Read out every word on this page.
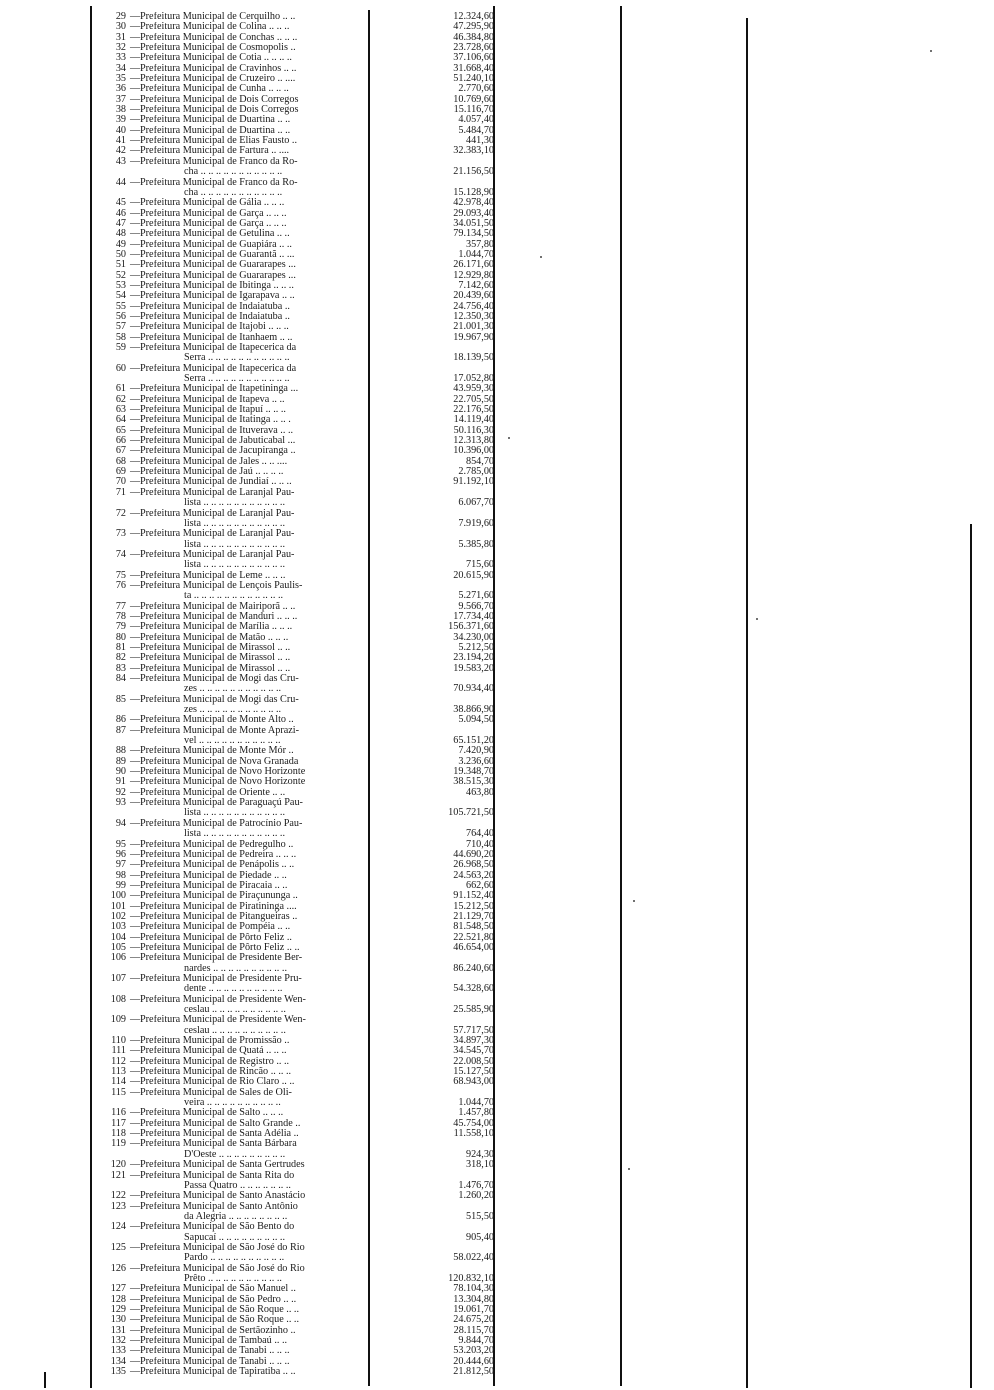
29 — Prefeitura Municipal de Cerquilho .. ..	12.324,60
30 — Prefeitura Municipal de Colina .. .. ..	47.295,90
31 — Prefeitura Municipal de Conchas .. .. ..	46.384,80
32 — Prefeitura Municipal de Cosmopolis ..	23.728,60
33 — Prefeitura Municipal de Cotia .. .. .. ..	37.106,60
34 — Prefeitura Municipal de Cravinhos .. ..	31.668,40
35 — Prefeitura Municipal de Cruzeiro .. ....	51.240,10
36 — Prefeitura Municipal de Cunha .. .. ..	2.770,60
37 — Prefeitura Municipal de Dois Corregos	10.769,60
38 — Prefeitura Municipal de Dois Corregos	15.116,70
39 — Prefeitura Municipal de Duartina .. ..	4.057,40
40 — Prefeitura Municipal de Duartina .. ..	5.484,70
41 — Prefeitura Municipal de Elias Fausto ..	441,30
42 — Prefeitura Municipal de Fartura .. ....	32.383,10
43 — Prefeitura Municipal de Franco da Ro-
cha .. .. .. .. .. .. .. .. .. .. ..	21.156,50
44 — Prefeitura Municipal de Franco da Ro-
cha .. .. .. .. .. .. .. .. .. .. ..	15.128,90
45 — Prefeitura Municipal de Gália .. .. ..	42.978,40
46 — Prefeitura Municipal de Garça .. .. ..	29.093,40
47 — Prefeitura Municipal de Garça .. .. ..	34.051,50
48 — Prefeitura Municipal de Getulina .. ..	79.134,50
49 — Prefeitura Municipal de Guapiára .. ..	357,80
50 — Prefeitura Municipal de Guarantã .. ...	1.044,70
51 — Prefeitura Municipal de Guararapes ...	26.171,60
52 — Prefeitura Municipal de Guararapes ...	12.929,80
53 — Prefeitura Municipal de Ibitinga .. .. ..	7.142,60
54 — Prefeitura Municipal de Igarapava .. ..	20.439,60
55 — Prefeitura Municipal de Indaiatuba ..	24.756,40
56 — Prefeitura Municipal de Indaiatuba ..	12.350,30
57 — Prefeitura Municipal de Itajobi .. .. ..	21.001,30
58 — Prefeitura Municipal de Itanhaem .. ..	19.967,90
59 — Prefeitura Municipal de Itapecerica da
Serra .. .. .. .. .. .. .. .. .. .. ..	18.139,50
60 — Prefeitura Municipal de Itapecerica da
Serra .. .. .. .. .. .. .. .. .. .. ..	17.052,80
61 — Prefeitura Municipal de Itapetininga ...	43.959,30
62 — Prefeitura Municipal de Itapeva .. ..	22.705,50
63 — Prefeitura Municipal de Itapuí .. .. ..	22.176,50
64 — Prefeitura Municipal de Itatinga .. .. .	14.119,40
65 — Prefeitura Municipal de Ituverava .. ..	50.116,30
66 — Prefeitura Municipal de Jabuticabal ...	12.313,80
67 — Prefeitura Municipal de Jacupiranga ..	10.396,00
68 — Prefeitura Municipal de Jales .. .. ....	854,70
69 — Prefeitura Municipal de Jaú .. .. .. ..	2.785,00
70 — Prefeitura Municipal de Jundiaí .. .. ..	91.192,10
71 — Prefeitura Municipal de Laranjal Pau-
lista .. .. .. .. .. .. .. .. .. .. ..	6.067,70
72 — Prefeitura Municipal de Laranjal Pau-
lista .. .. .. .. .. .. .. .. .. .. ..	7.919,60
73 — Prefeitura Municipal de Laranjal Pau-
lista .. .. .. .. .. .. .. .. .. .. ..	5.385,80
74 — Prefeitura Municipal de Laranjal Pau-
lista .. .. .. .. .. .. .. .. .. .. ..	715,60
75 — Prefeitura Municipal de Leme .. .. ..	20.615,90
76 — Prefeitura Municipal de Lençois Paulis-
ta .. .. .. .. .. .. .. .. .. .. .. ..	5.271,60
77 — Prefeitura Municipal de Mairiporã .. ..	9.566,70
78 — Prefeitura Municipal de Manduri .. .. ..	17.734,40
79 — Prefeitura Municipal de Marília .. .. ..	156.371,60
80 — Prefeitura Municipal de Matão .. .. ..	34.230,00
81 — Prefeitura Municipal de Mirassol .. ..	5.212,50
82 — Prefeitura Municipal de Mirassol .. ..	23.194,20
83 — Prefeitura Municipal de Mirassol .. ..	19.583,20
84 — Prefeitura Municipal de Mogi das Cru-
zes .. .. .. .. .. .. .. .. .. .. ..	70.934,40
85 — Prefeitura Municipal de Mogi das Cru-
zes .. .. .. .. .. .. .. .. .. .. ..	38.866,90
86 — Prefeitura Municipal de Monte Alto ..	5.094,50
87 — Prefeitura Municipal de Monte Aprazi-
vel .. .. .. .. .. .. .. .. .. .. ..	65.151,20
88 — Prefeitura Municipal de Monte Mór ..	7.420,90
89 — Prefeitura Municipal de Nova Granada	3.236,60
90 — Prefeitura Municipal de Novo Horizonte	19.348,70
91 — Prefeitura Municipal de Novo Horizonte	38.515,30
92 — Prefeitura Municipal de Oriente .. ..	463,80
93 — Prefeitura Municipal de Paraguaçú Pau-
lista .. .. .. .. .. .. .. .. .. .. ..	105.721,50
94 — Prefeitura Municipal de Patrocínio Pau-
lista .. .. .. .. .. .. .. .. .. .. ..	764,40
95 — Prefeitura Municipal de Pedregulho ..	710,40
96 — Prefeitura Municipal de Pedreira .. .. ..	44.690,20
97 — Prefeitura Municipal de Penápolis .. ..	26.968,50
98 — Prefeitura Municipal de Piedade .. ..	24.563,20
99 — Prefeitura Municipal de Piracaia .. ..	662,60
100 — Prefeitura Municipal de Piraçununga ..	91.152,40
101 — Prefeitura Municipal de Piratininga ....	15.212,50
102 — Prefeitura Municipal de Pitangueiras ..	21.129,70
103 — Prefeitura Municipal de Pompéia .. ..	81.548,50
104 — Prefeitura Municipal de Pôrto Feliz ..	22.521,80
105 — Prefeitura Municipal de Pôrto Feliz .. ..	46.654,00
106 — Prefeitura Municipal de Presidente Ber-
nardes .. .. .. .. .. .. .. .. .. ..	86.240,60
107 — Prefeitura Municipal de Presidente Pru-
dente .. .. .. .. .. .. .. .. .. ..	54.328,60
108 — Prefeitura Municipal de Presidente Wen-
ceslau .. .. .. .. .. .. .. .. .. ..	25.585,90
109 — Prefeitura Municipal de Presidente Wen-
ceslau .. .. .. .. .. .. .. .. .. ..	57.717,50
110 — Prefeitura Municipal de Promissão ..	34.897,30
111 — Prefeitura Municipal de Quatá .. .. ..	34.545,70
112 — Prefeitura Municipal de Registro .. ..	22.008,50
113 — Prefeitura Municipal de Rincão .. .. ..	15.127,50
114 — Prefeitura Municipal de Rio Claro .. ..	68.943,00
115 — Prefeitura Municipal de Sales de Oli-
veira .. .. .. .. .. .. .. .. .. ..	1.044,70
116 — Prefeitura Municipal de Salto .. .. ..	1.457,80
117 — Prefeitura Municipal de Salto Grande ..	45.754,00
118 — Prefeitura Municipal de Santa Adélia ..	11.558,10
119 — Prefeitura Municipal de Santa Bárbara
D'Oeste .. .. .. .. .. .. .. .. ..	924,30
120 — Prefeitura Municipal de Santa Gertrudes	318,10
121 — Prefeitura Municipal de Santa Rita do
Passa Quatro .. .. .. .. .. .. ..	1.476,70
122 — Prefeitura Municipal de Santo Anastácio	1.260,20
123 — Prefeitura Municipal de Santo Antônio
da Alegria .. .. .. .. .. .. .. ..	515,50
124 — Prefeitura Municipal de São Bento do
Sapucaí .. .. .. .. .. .. .. .. ..	905,40
125 — Prefeitura Municipal de São José do Rio
Pardo .. .. .. .. .. .. .. .. .. ..	58.022,40
126 — Prefeitura Municipal de São José do Rio
Prêto .. .. .. .. .. .. .. .. .. ..	120.832,10
127 — Prefeitura Municipal de São Manuel ..	78.104,30
128 — Prefeitura Municipal de São Pedro .. ..	13.304,80
129 — Prefeitura Municipal de São Roque .. ..	19.061,70
130 — Prefeitura Municipal de São Roque .. ..	24.675,20
131 — Prefeitura Municipal de Sertãozinho ..	28.115,70
132 — Prefeitura Municipal de Tambaú .. ..	9.844,70
133 — Prefeitura Municipal de Tanabi .. .. ..	53.203,20
134 — Prefeitura Municipal de Tanabi .. .. ..	20.444,60
135 — Prefeitura Municipal de Tapiratiba .. ..	21.812,50
